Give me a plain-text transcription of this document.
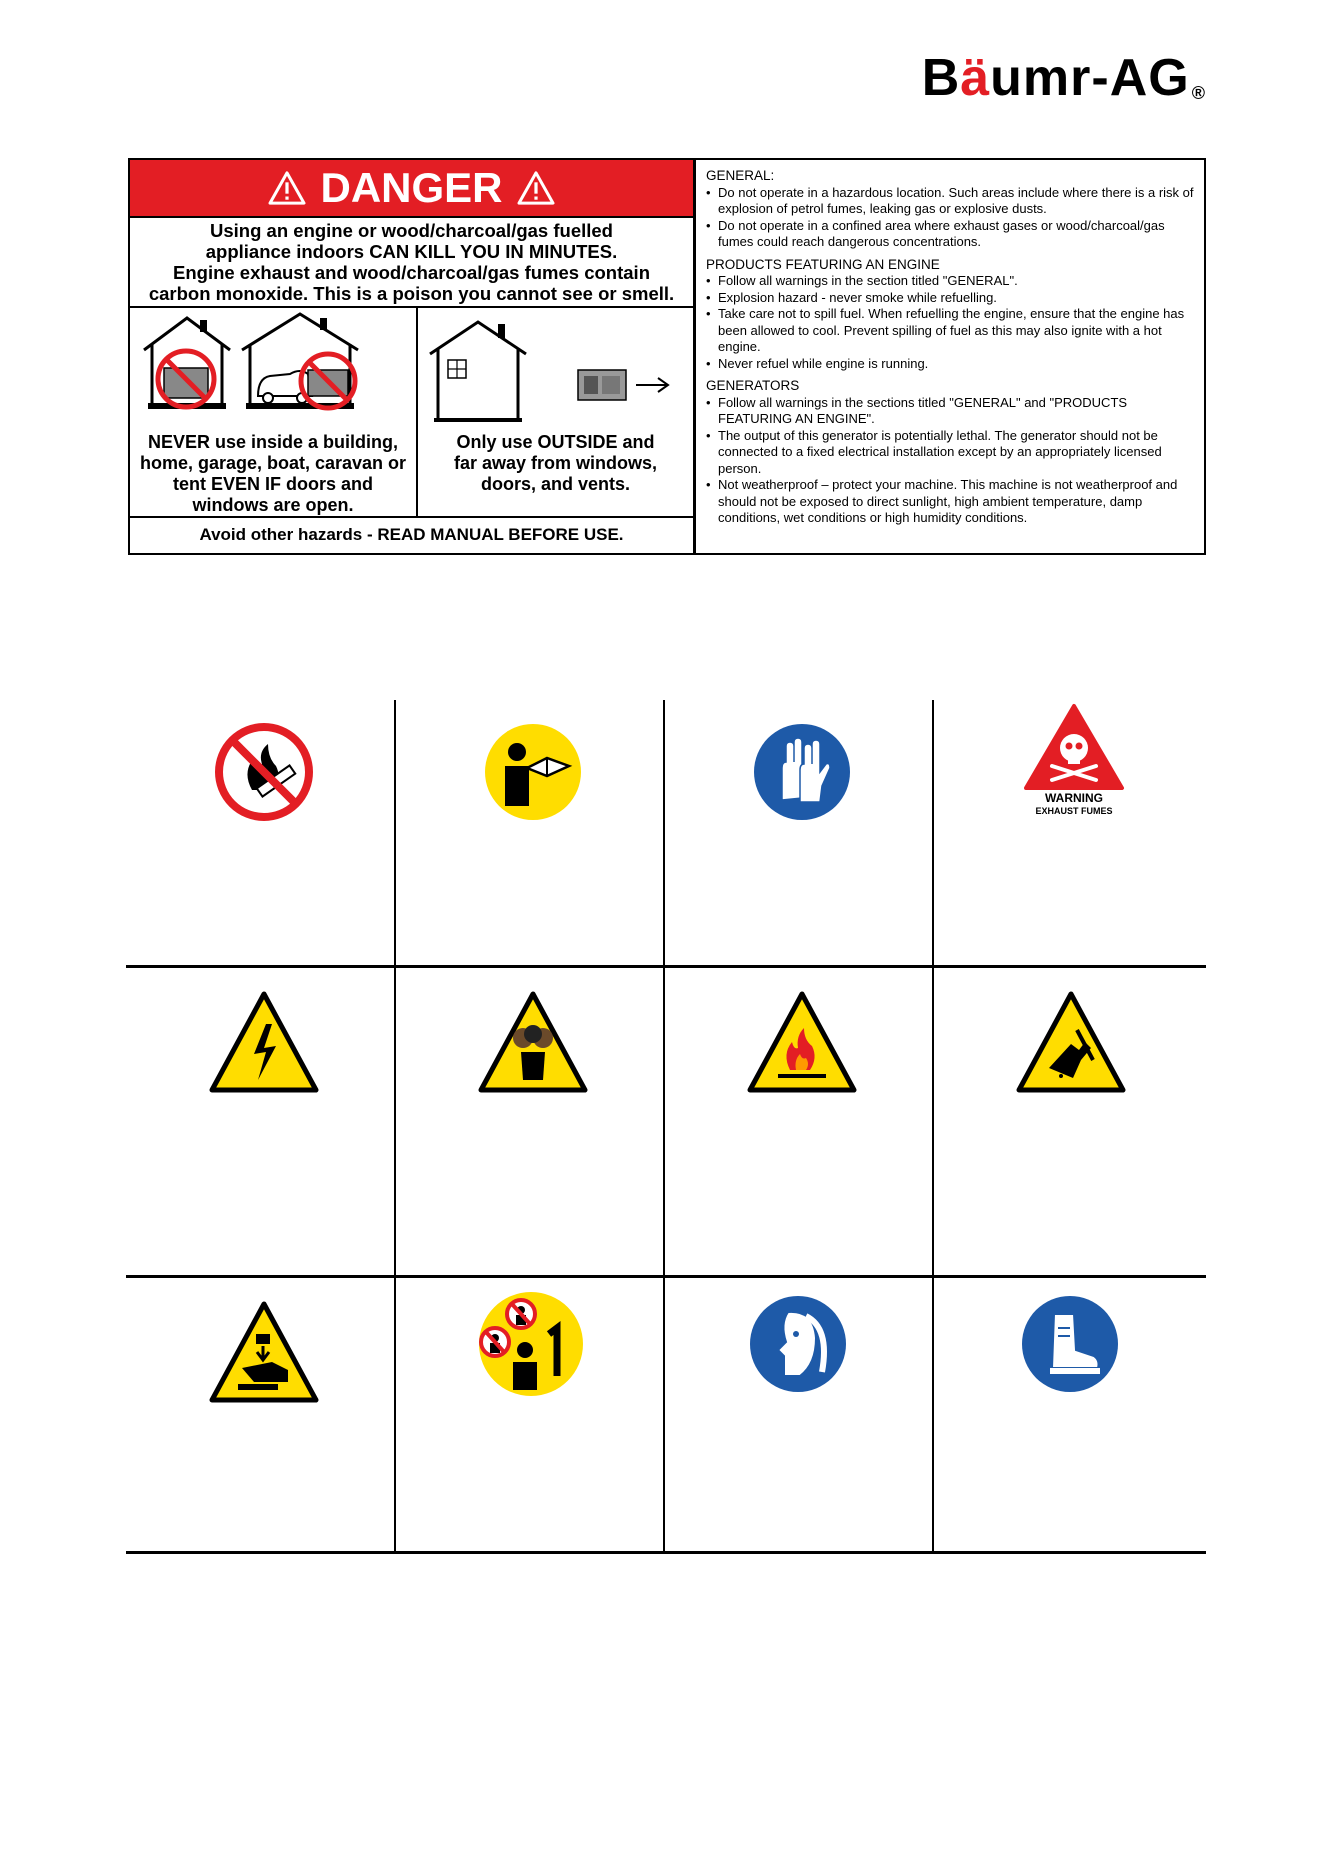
Bäumr-AG ®
DANGER
Using an engine or wood/charcoal/gas fuelled
appliance indoors CAN KILL YOU IN MINUTES.
Engine exhaust and wood/charcoal/gas fumes contain
carbon monoxide. This is a poison you cannot see or smell.
NEVER use inside a building, home, garage, boat, caravan or tent EVEN IF doors and windows are open.
Only use OUTSIDE and far away from windows, doors, and vents.
Avoid other hazards - READ MANUAL BEFORE USE.
GENERAL:
• Do not operate in a hazardous location. Such areas include where there is a risk of explosion of petrol fumes, leaking gas or explosive dusts.
• Do not operate in a confined area where exhaust gases or wood/charcoal/gas fumes could reach dangerous concentrations.
PRODUCTS FEATURING AN ENGINE
• Follow all warnings in the section titled "GENERAL".
• Explosion hazard - never smoke while refuelling.
• Take care not to spill fuel. When refuelling the engine, ensure that the engine has been allowed to cool. Prevent spilling of fuel as this may also ignite with a hot engine.
• Never refuel while engine is running.
GENERATORS
• Follow all warnings in the sections titled "GENERAL" and "PRODUCTS FEATURING AN ENGINE".
• The output of this generator is potentially lethal. The generator should not be connected to a fixed electrical installation except by an appropriately licensed person.
• Not weatherproof – protect your machine. This machine is not weatherproof and should not be exposed to direct sunlight, high ambient temperature, damp conditions, wet conditions or high humidity conditions.
WARNING
EXHAUST FUMES
